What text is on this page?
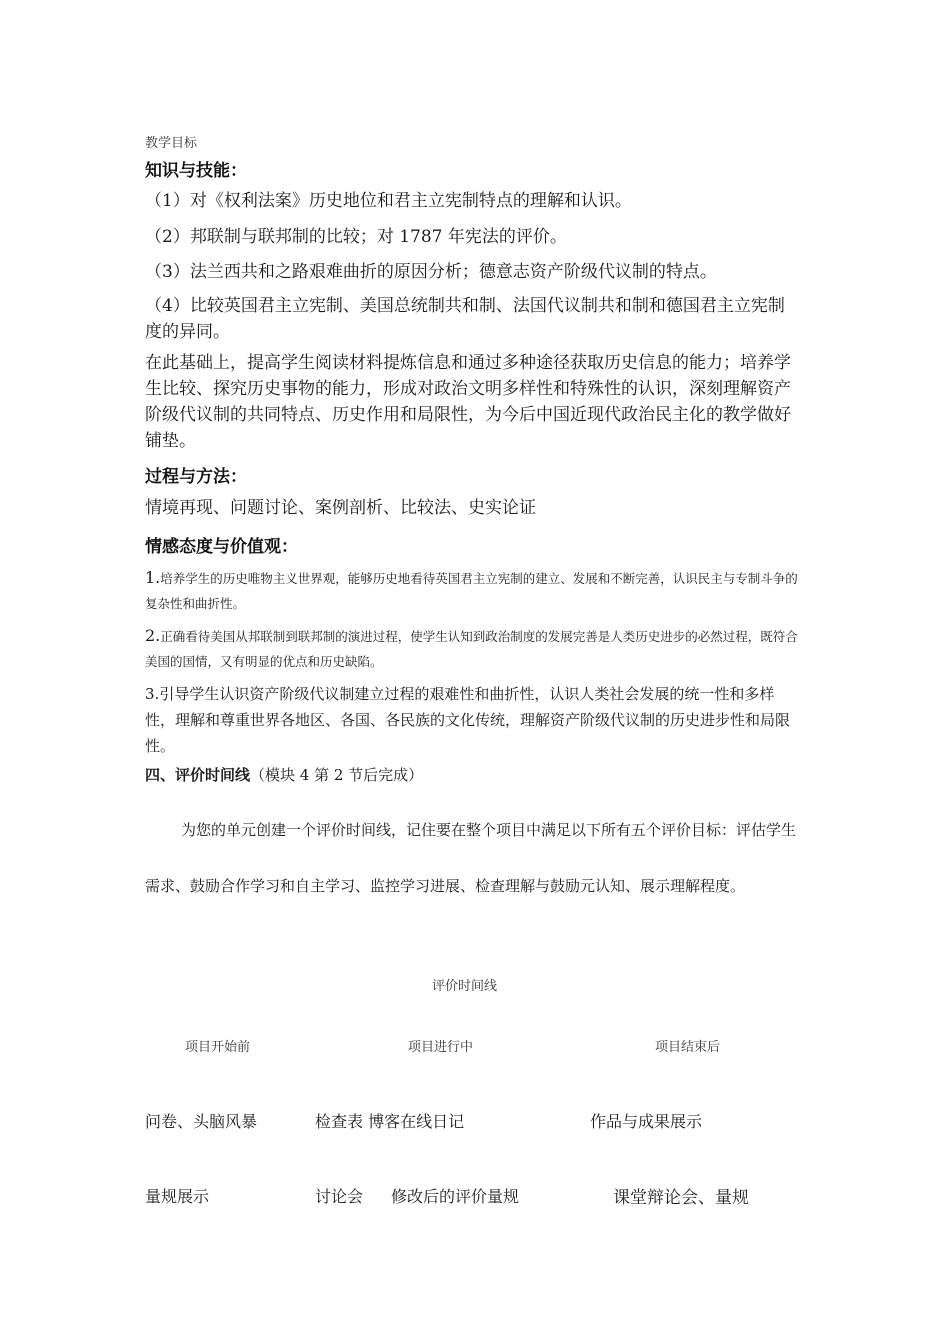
教学目标
知识与技能：
（1）对《权利法案》历史地位和君主立宪制特点的理解和认识。
（2）邦联制与联邦制的比较；对 1787 年宪法的评价。
（3）法兰西共和之路艰难曲折的原因分析；德意志资产阶级代议制的特点。
（4）比较英国君主立宪制、美国总统制共和制、法国代议制共和制和德国君主立宪制度的异同。
在此基础上，提高学生阅读材料提炼信息和通过多种途径获取历史信息的能力；培养学生比较、探究历史事物的能力，形成对政治文明多样性和特殊性的认识，深刻理解资产阶级代议制的共同特点、历史作用和局限性，为今后中国近现代政治民主化的教学做好铺垫。
过程与方法：
情境再现、问题讨论、案例剖析、比较法、史实论证
情感态度与价值观：
1.培养学生的历史唯物主义世界观，能够历史地看待英国君主立宪制的建立、发展和不断完善，认识民主与专制斗争的复杂性和曲折性。
2.正确看待美国从邦联制到联邦制的演进过程，使学生认知到政治制度的发展完善是人类历史进步的必然过程，既符合美国的国情，又有明显的优点和历史缺陷。
3.引导学生认识资产阶级代议制建立过程的艰难性和曲折性，认识人类社会发展的统一性和多样性，理解和尊重世界各地区、各国、各民族的文化传统，理解资产阶级代议制的历史进步性和局限性。
四、评价时间线（模块 4 第 2 节后完成）
为您的单元创建一个评价时间线，记住要在整个项目中满足以下所有五个评价目标：评估学生需求、鼓励合作学习和自主学习、监控学习进展、检查理解与鼓励元认知、展示理解程度。
评价时间线
项目开始前	项目进行中	项目结束后
问卷、头脑风暴	检查表 博客在线日记	作品与成果展示
量规展示	讨论会 修改后的评价量规	课堂辩论会、量规
